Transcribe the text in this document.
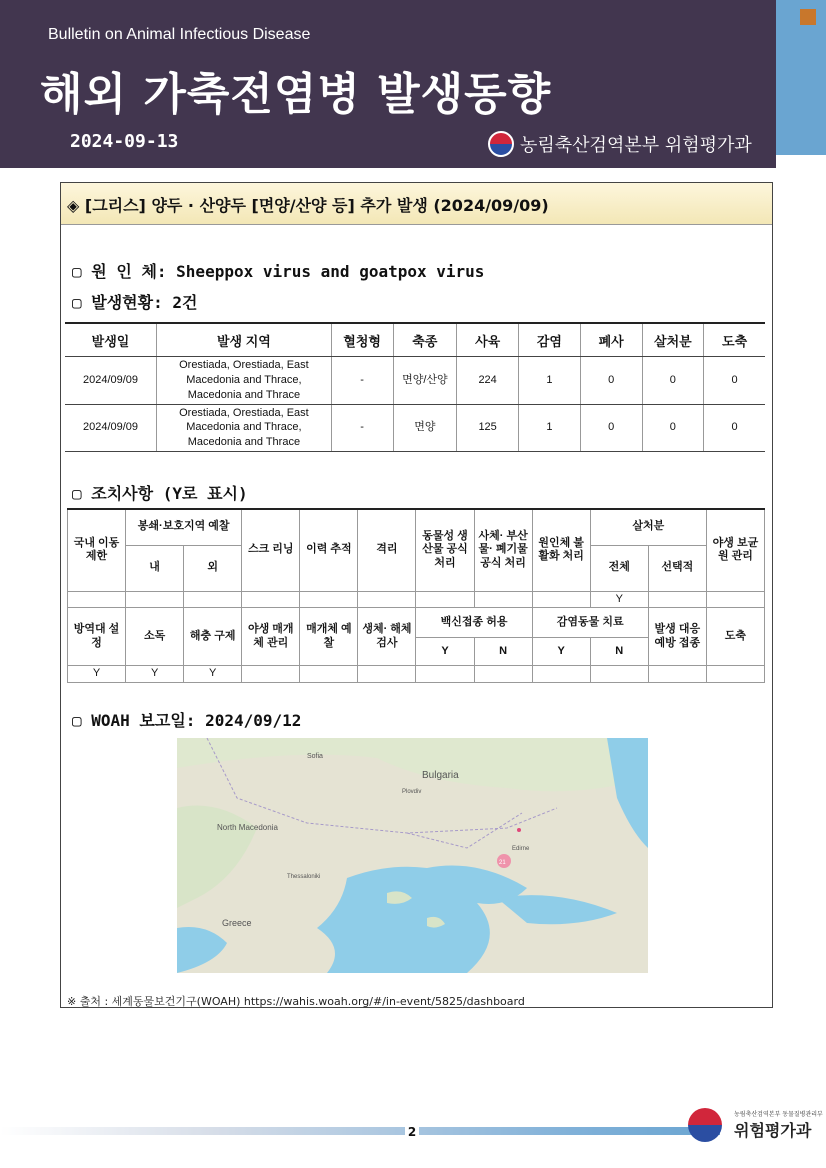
Bulletin on Animal Infectious Disease
해외 가축전염병 발생동향
2024-09-13	농림축산검역본부 위험평가과
◈ [그리스] 양두 · 산양두 [면양/산양 등] 추가 발생 (2024/09/09)
▢ 원 인 체: Sheeppox virus and goatpox virus
▢ 발생현황: 2건
발생일	발생 지역	혈청형	축종	사육	감염	폐사	살처분	도축
2024/09/09	Orestiada, Orestiada, East Macedonia and Thrace, Macedonia and Thrace	-	면양/산양	224	1	0	0	0
2024/09/09	Orestiada, Orestiada, East Macedonia and Thrace, Macedonia and Thrace	-	면양	125	1	0	0	0
▢ 조치사항 (Y로 표시)
국내 이동 제한	봉쇄·보호지역 예찰		스크 리닝	이력 추적	격리	동물성 생산물 공식 처리	사체· 부산물· 폐기물 공식 처리	원인체 불활화 처리	살처분		야생 보균원 관리
	내	외							전체	선택적	
									Y		
방역대 설정	소독	해충 구제	야생 매개체 관리	매개체 예찰	생체· 해체 검사	백신접종 허용		감염동물 치료		발생 대응 예방 접종	도축
						Y	N	Y	N		
Y	Y	Y									
▢ WOAH 보고일: 2024/09/12
21
Bulgaria
Sofia
Plovdiv
North Macedonia
Thessaloniki
Edirne
Greece
※ 출처 : 세계동물보건기구(WOAH) https://wahis.woah.org/#/in-event/5825/dashboard
2
농림축산검역본부 동물질병관리부
위험평가과
